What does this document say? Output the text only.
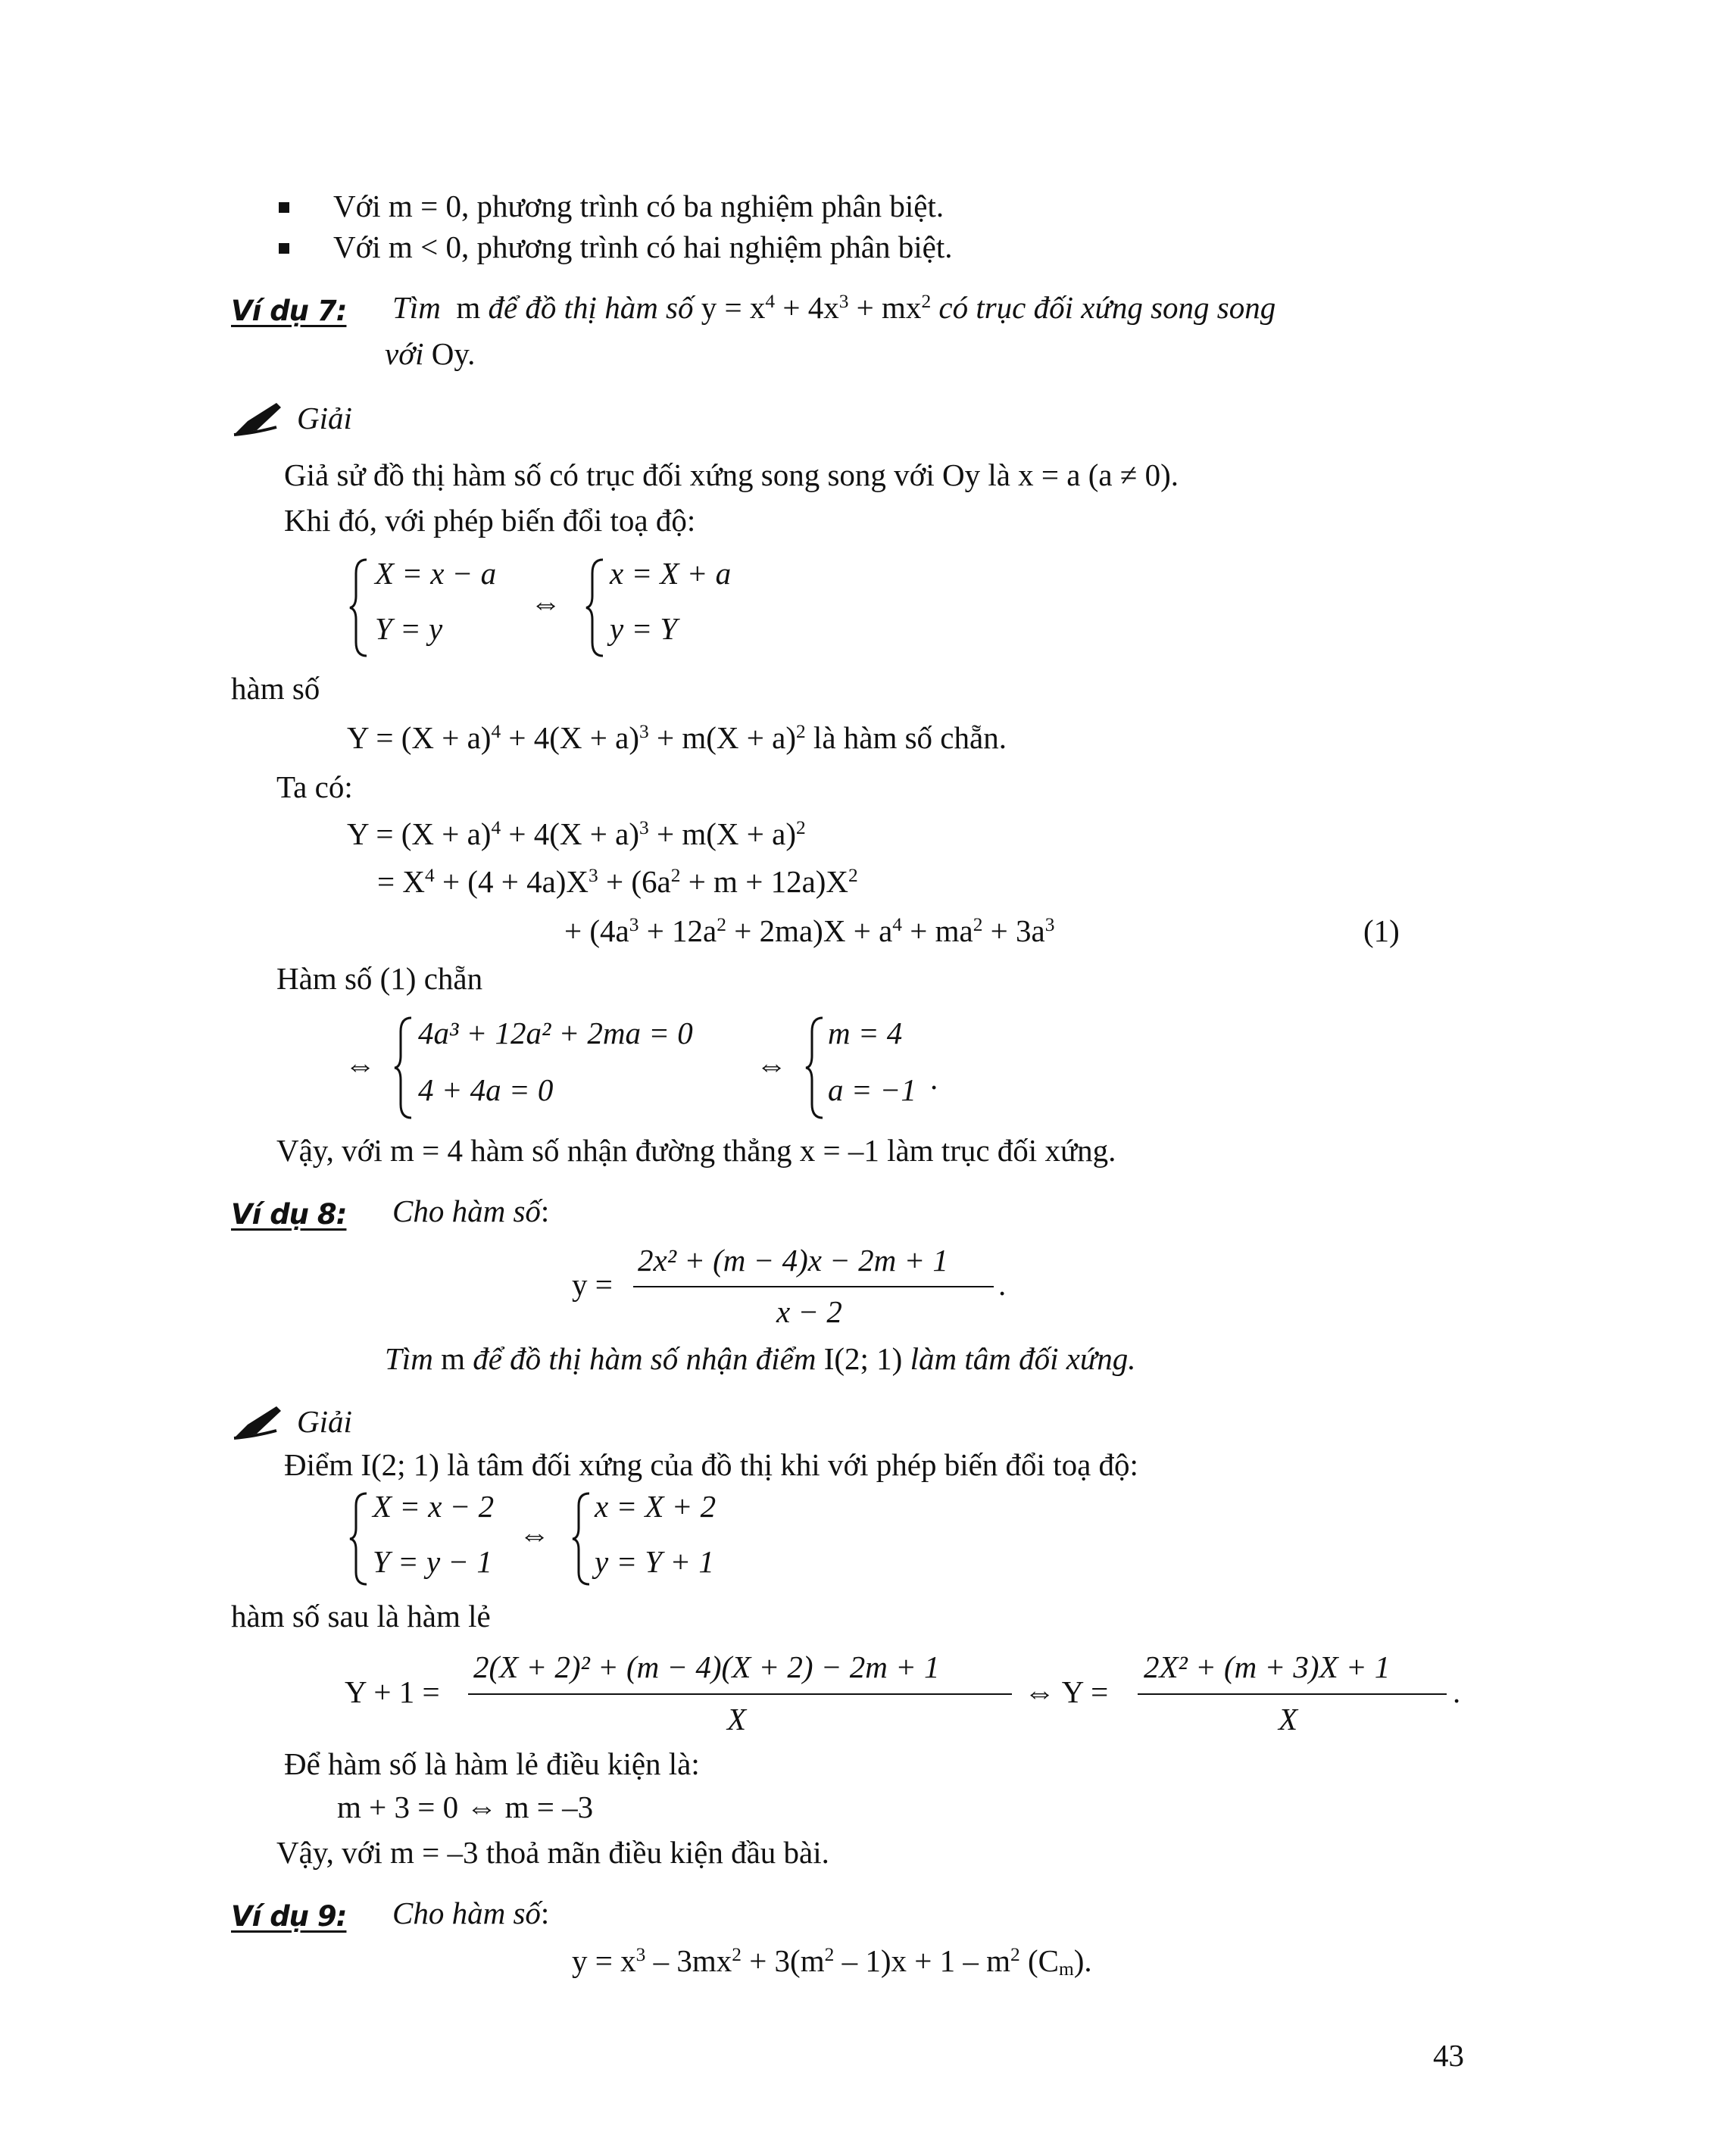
Với m = 0, phương trình có ba nghiệm phân biệt.
Với m < 0, phương trình có hai nghiệm phân biệt.
Ví dụ 7: Tìm m để đồ thị hàm số $y = x^4 + 4x^3 + mx^2$ có trục đối xứng song song
với Oy.
Giải
Giả sử đồ thị hàm số có trục đối xứng song song với Oy là x = a (a ≠ 0).
Khi đó, với phép biến đổi toạ độ:
X = x − a
Y = y
⇔
x = X + a
y = Y
hàm số
$Y = (X + a)^4 + 4(X + a)^3 + m(X + a)^2$ là hàm số chẵn.
Ta có:
$Y = (X + a)^4 + 4(X + a)^3 + m(X + a)^2$
= $X^4 + (4 + 4a)X^3 + (6a^2 + m + 12a)X^2$
+ $(4a^3 + 12a^2 + 2ma)X + a^4 + ma^2 + 3a^3$	(1)
Hàm số (1) chẵn
⇔
4a³ + 12a² + 2ma = 0
4 + 4a = 0
⇔
m = 4
a = −1 .
Vậy, với m = 4 hàm số nhận đường thẳng x = –1 làm trục đối xứng.
Ví dụ 8: Cho hàm số:
y =
2x² + (m − 4)x − 2m + 1
x − 2
.
Tìm m để đồ thị hàm số nhận điểm I(2; 1) làm tâm đối xứng.
Giải
Điểm I(2; 1) là tâm đối xứng của đồ thị khi với phép biến đổi toạ độ:
X = x − 2
Y = y − 1
⇔
x = X + 2
y = Y + 1
hàm số sau là hàm lẻ
Y + 1 =
2(X + 2)² + (m − 4)(X + 2) − 2m + 1
X
⇔ Y =
2X² + (m + 3)X + 1
X
.
Để hàm số là hàm lẻ điều kiện là:
m + 3 = 0 ⇔ m = –3
Vậy, với m = –3 thoả mãn điều kiện đầu bài.
Ví dụ 9: Cho hàm số:
$y = x^3 - 3mx^2 + 3(m^2 - 1)x + 1 - m^2$ $(C_m)$.
43
